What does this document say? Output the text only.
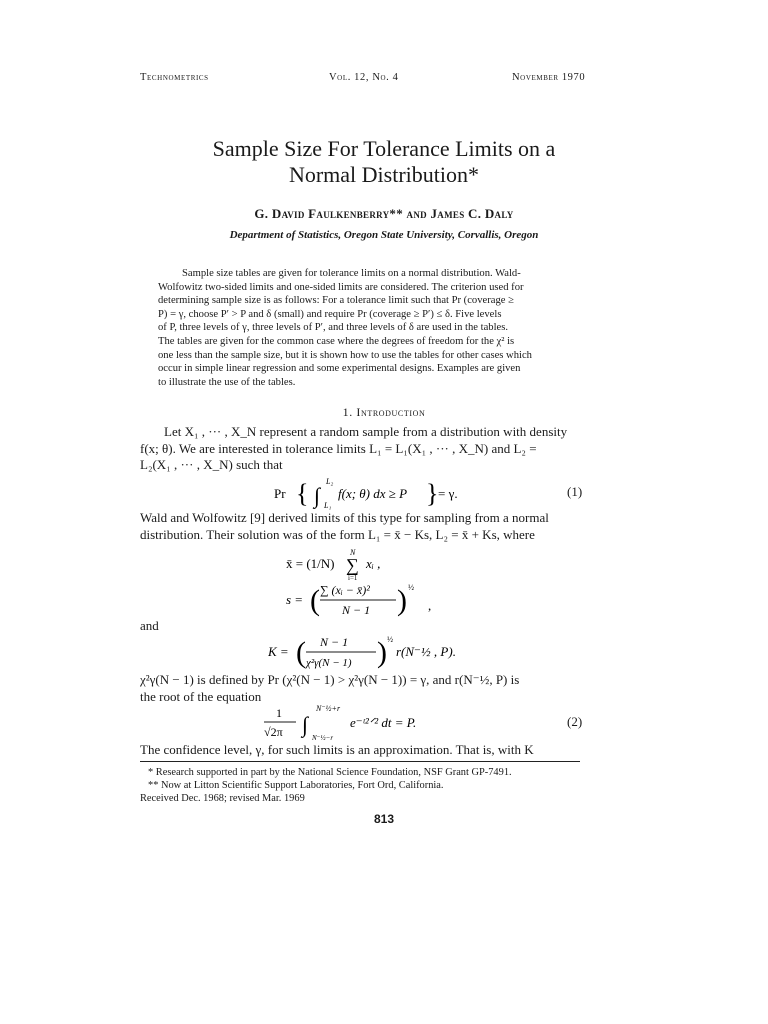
Technometrics	Vol. 12, No. 4	November 1970
Sample Size For Tolerance Limits on a
Normal Distribution*
G. David Faulkenberry** and James C. Daly
Department of Statistics, Oregon State University, Corvallis, Oregon
Sample size tables are given for tolerance limits on a normal distribution. Wald-
Wolfowitz two-sided limits and one-sided limits are considered. The criterion used for
determining sample size is as follows: For a tolerance limit such that Pr (coverage ≥
P) = γ, choose P′ > P and δ (small) and require Pr (coverage ≥ P′) ≤ δ. Five levels
of P, three levels of γ, three levels of P′, and three levels of δ are used in the tables.
The tables are given for the common case where the degrees of freedom for the χ² is
one less than the sample size, but it is shown how to use the tables for other cases which
occur in simple linear regression and some experimental designs. Examples are given
to illustrate the use of the tables.
1. Introduction
Let X₁ , ··· , X_N represent a random sample from a distribution with density
f(x; θ). We are interested in tolerance limits L₁ = L₁(X₁ , ··· , X_N) and L₂ =
L₂(X₁ , ··· , X_N) such that
Pr { ∫
L₂
L₁
f(x; θ) dx ≥ P } = γ.	(1)
Wald and Wolfowitz [9] derived limits of this type for sampling from a normal
distribution. Their solution was of the form L₁ = x̄ − Ks, L₂ = x̄ + Ks, where
x̄ = (1/N)
N
∑
i=1
xᵢ ,
s = ( ∑ (xᵢ − x̄)²
N − 1 ) ½
,
and
K = ( N − 1
χ²γ(N − 1) ) ½
r(N⁻½ , P).
χ²γ(N − 1) is defined by Pr (χ²(N − 1) > χ²γ(N − 1)) = γ, and r(N⁻½, P) is
the root of the equation
1
√2π ∫
N⁻½+r
N⁻½−r
e⁻ᵗ²ᐟ² dt = P.	(2)
The confidence level, γ, for such limits is an approximation. That is, with K
* Research supported in part by the National Science Foundation, NSF Grant GP-7491.
** Now at Litton Scientific Support Laboratories, Fort Ord, California.
Received Dec. 1968; revised Mar. 1969
813
